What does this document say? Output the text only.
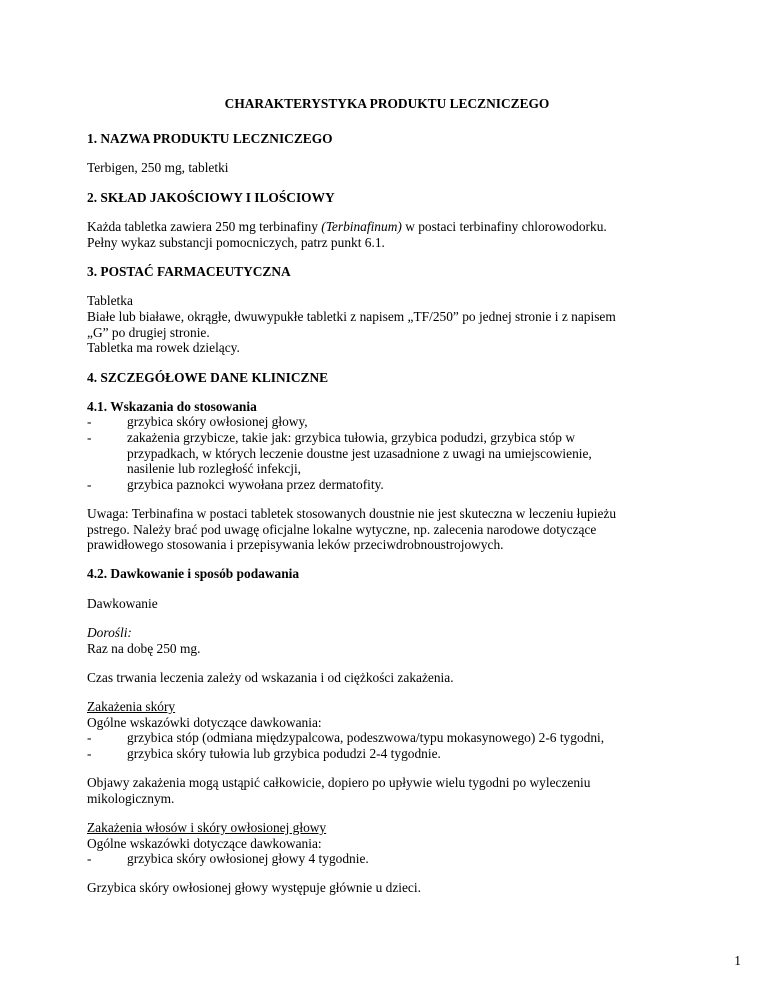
CHARAKTERYSTYKA PRODUKTU LECZNICZEGO
1. NAZWA PRODUKTU LECZNICZEGO
Terbigen, 250 mg, tabletki
2. SKŁAD JAKOŚCIOWY I ILOŚCIOWY
Każda tabletka zawiera 250 mg terbinafiny (Terbinafinum) w postaci terbinafiny chlorowodorku.
Pełny wykaz substancji pomocniczych, patrz punkt 6.1.
3. POSTAĆ FARMACEUTYCZNA
Tabletka
Białe lub białawe, okrągłe, dwuwypukłe tabletki z napisem „TF/250” po jednej stronie i z napisem
„G” po drugiej stronie.
Tabletka ma rowek dzielący.
4. SZCZEGÓŁOWE DANE KLINICZNE
4.1. Wskazania do stosowania
-	grzybica skóry owłosionej głowy,
-	zakażenia grzybicze, takie jak: grzybica tułowia, grzybica podudzi, grzybica stóp w
przypadkach, w których leczenie doustne jest uzasadnione z uwagi na umiejscowienie,
nasilenie lub rozległość infekcji,
-	grzybica paznokci wywołana przez dermatofity.
Uwaga: Terbinafina w postaci tabletek stosowanych doustnie nie jest skuteczna w leczeniu łupieżu
pstrego. Należy brać pod uwagę oficjalne lokalne wytyczne, np. zalecenia narodowe dotyczące
prawidłowego stosowania i przepisywania leków przeciwdrobnoustrojowych.
4.2. Dawkowanie i sposób podawania
Dawkowanie
Dorośli:
Raz na dobę 250 mg.
Czas trwania leczenia zależy od wskazania i od ciężkości zakażenia.
Zakażenia skóry
Ogólne wskazówki dotyczące dawkowania:
-	grzybica stóp (odmiana międzypalcowa, podeszwowa/typu mokasynowego) 2-6 tygodni,
-	grzybica skóry tułowia lub grzybica podudzi 2-4 tygodnie.
Objawy zakażenia mogą ustąpić całkowicie, dopiero po upływie wielu tygodni po wyleczeniu
mikologicznym.
Zakażenia włosów i skóry owłosionej głowy
Ogólne wskazówki dotyczące dawkowania:
-	grzybica skóry owłosionej głowy 4 tygodnie.
Grzybica skóry owłosionej głowy występuje głównie u dzieci.
1
